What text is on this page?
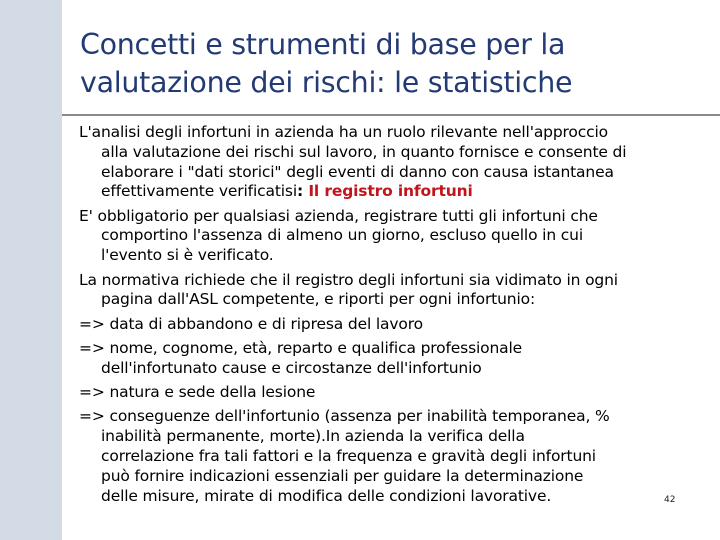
Concetti e strumenti di base per la
valutazione dei rischi: le statistiche

L'analisi degli infortuni in azienda ha un ruolo rilevante nell'approccio
alla valutazione dei rischi sul lavoro, in quanto fornisce e consente di
elaborare i "dati storici" degli eventi di danno con causa istantanea
effettivamente verificatisi: Il registro infortuni

E' obbligatorio per qualsiasi azienda, registrare tutti gli infortuni che
comportino l'assenza di almeno un giorno, escluso quello in cui
l'evento si è verificato.

La normativa richiede che il registro degli infortuni sia vidimato in ogni
pagina dall'ASL competente, e riporti per ogni infortunio:

=> data di abbandono e di ripresa del lavoro

=> nome, cognome, età, reparto e qualifica professionale
dell'infortunato cause e circostanze dell'infortunio

=> natura e sede della lesione

=> conseguenze dell'infortunio (assenza per inabilità temporanea, %
inabilità permanente, morte).In azienda la verifica della
correlazione fra tali fattori e la frequenza e gravità degli infortuni
può fornire indicazioni essenziali per guidare la determinazione
delle misure, mirate di modifica delle condizioni lavorative.	42
